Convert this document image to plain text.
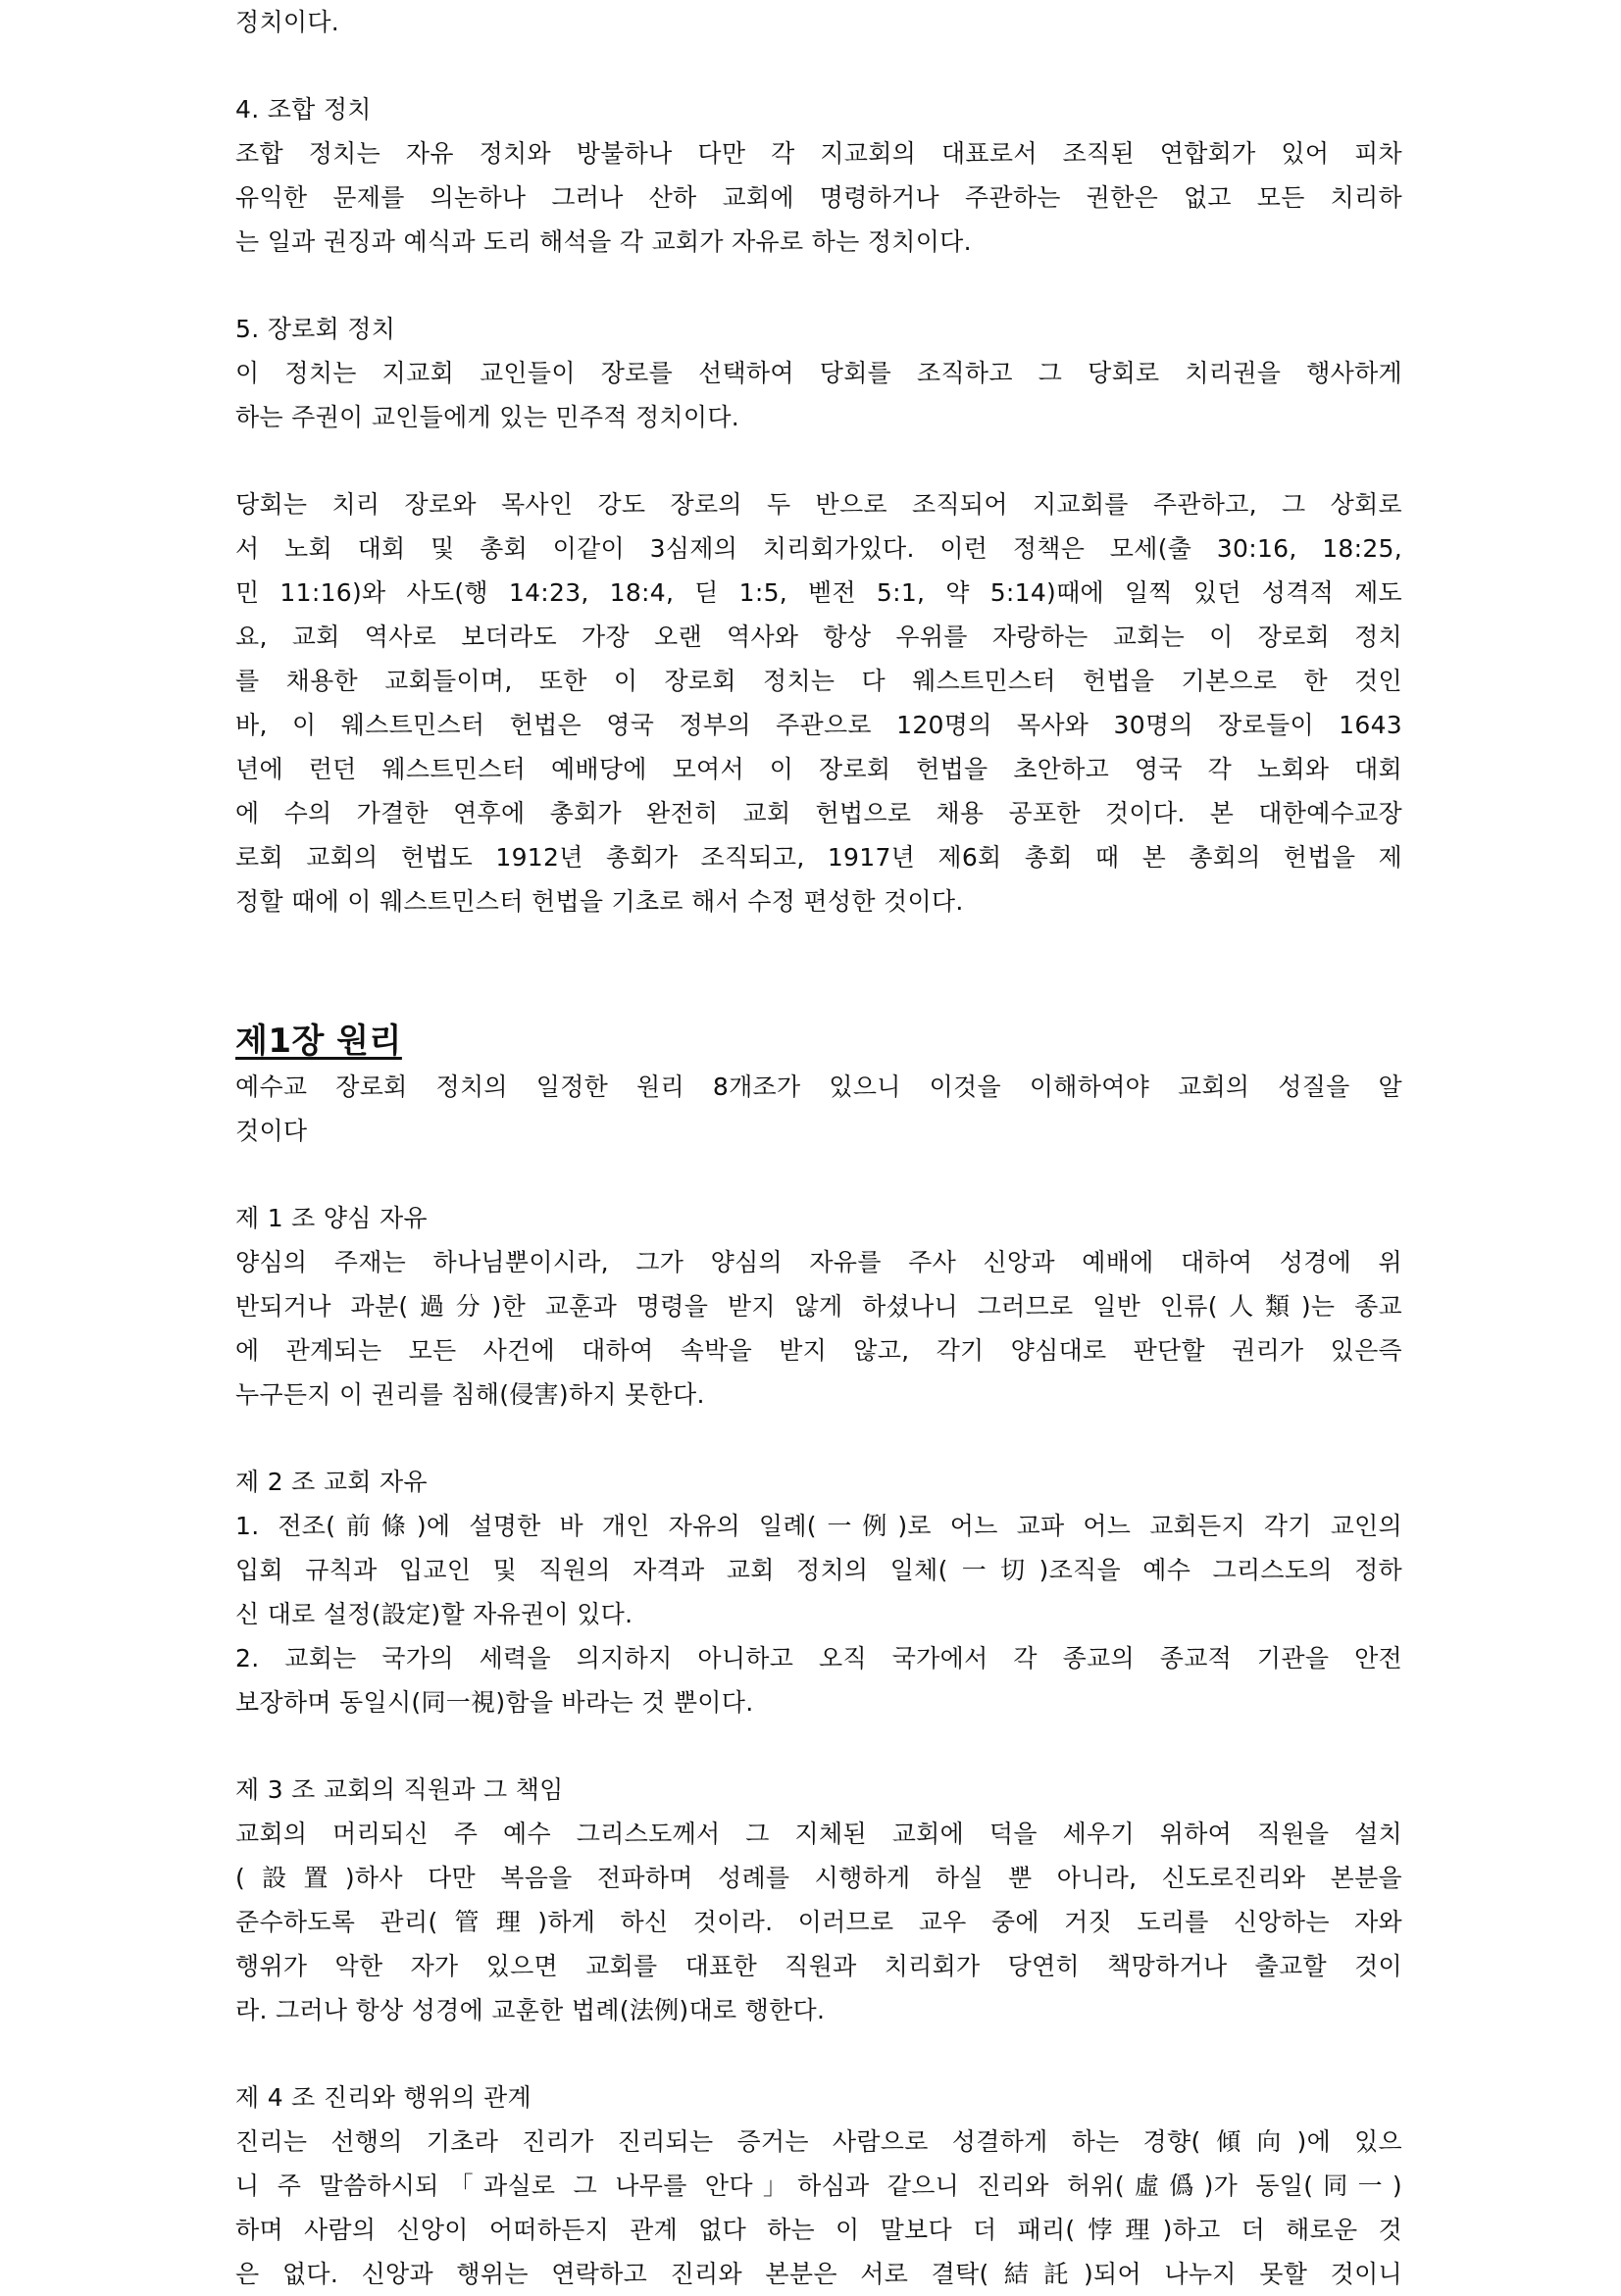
정치이다.
4. 조합 정치
조합 정치는 자유 정치와 방불하나 다만 각 지교회의 대표로서 조직된 연합회가 있어 피차
유익한 문제를 의논하나 그러나 산하 교회에 명령하거나 주관하는 권한은 없고 모든 치리하
는 일과 권징과 예식과 도리 해석을 각 교회가 자유로 하는 정치이다.
5. 장로회 정치
이 정치는 지교회 교인들이 장로를 선택하여 당회를 조직하고 그 당회로 치리권을 행사하게
하는 주권이 교인들에게 있는 민주적 정치이다.
당회는 치리 장로와 목사인 강도 장로의 두 반으로 조직되어 지교회를 주관하고, 그 상회로
서 노회 대회 및 총회 이같이 3심제의 치리회가있다. 이런 정책은 모세(출 30:16, 18:25,
민 11:16)와 사도(행 14:23, 18:4, 딛 1:5, 벧전 5:1, 약 5:14)때에 일찍 있던 성격적 제도
요, 교회 역사로 보더라도 가장 오랜 역사와 항상 우위를 자랑하는 교회는 이 장로회 정치
를 채용한 교회들이며, 또한 이 장로회 정치는 다 웨스트민스터 헌법을 기본으로 한 것인
바, 이 웨스트민스터 헌법은 영국 정부의 주관으로 120명의 목사와 30명의 장로들이 1643
년에 런던 웨스트민스터 예배당에 모여서 이 장로회 헌법을 초안하고 영국 각 노회와 대회
에 수의 가결한 연후에 총회가 완전히 교회 헌법으로 채용 공포한 것이다. 본 대한예수교장
로회 교회의 헌법도 1912년 총회가 조직되고, 1917년 제6회 총회 때 본 총회의 헌법을 제
정할 때에 이 웨스트민스터 헌법을 기초로 해서 수정 편성한 것이다.
제1장 원리
예수교 장로회 정치의 일정한 원리 8개조가 있으니 이것을 이해하여야 교회의 성질을 알
것이다
제 1 조 양심 자유
양심의 주재는 하나님뿐이시라, 그가 양심의 자유를 주사 신앙과 예배에 대하여 성경에 위
반되거나 과분(過分)한 교훈과 명령을 받지 않게 하셨나니 그러므로 일반 인류(人類)는 종교
에 관계되는 모든 사건에 대하여 속박을 받지 않고, 각기 양심대로 판단할 권리가 있은즉
누구든지 이 권리를 침해(侵害)하지 못한다.
제 2 조 교회 자유
1. 전조(前條)에 설명한 바 개인 자유의 일례(一例)로 어느 교파 어느 교회든지 각기 교인의
입회 규칙과 입교인 및 직원의 자격과 교회 정치의 일체(一切)조직을 예수 그리스도의 정하
신 대로 설정(設定)할 자유권이 있다.
2. 교회는 국가의 세력을 의지하지 아니하고 오직 국가에서 각 종교의 종교적 기관을 안전
보장하며 동일시(同一視)함을 바라는 것 뿐이다.
제 3 조 교회의 직원과 그 책임
교회의 머리되신 주 예수 그리스도께서 그 지체된 교회에 덕을 세우기 위하여 직원을 설치
(設置)하사 다만 복음을 전파하며 성례를 시행하게 하실 뿐 아니라, 신도로진리와 본분을
준수하도록 관리(管理)하게 하신 것이라. 이러므로 교우 중에 거짓 도리를 신앙하는 자와
행위가 악한 자가 있으면 교회를 대표한 직원과 치리회가 당연히 책망하거나 출교할 것이
라. 그러나 항상 성경에 교훈한 법례(法例)대로 행한다.
제 4 조 진리와 행위의 관계
진리는 선행의 기초라 진리가 진리되는 증거는 사람으로 성결하게 하는 경향(傾向)에 있으
니 주 말씀하시되「과실로 그 나무를 안다」하심과 같으니 진리와 허위(虛僞)가 동일(同一)
하며 사람의 신앙이 어떠하든지 관계 없다 하는 이 말보다 더 패리(悖理)하고 더 해로운 것
은 없다. 신앙과 행위는 연락하고 진리와 본분은 서로 결탁(結託)되어 나누지 못할 것이니
